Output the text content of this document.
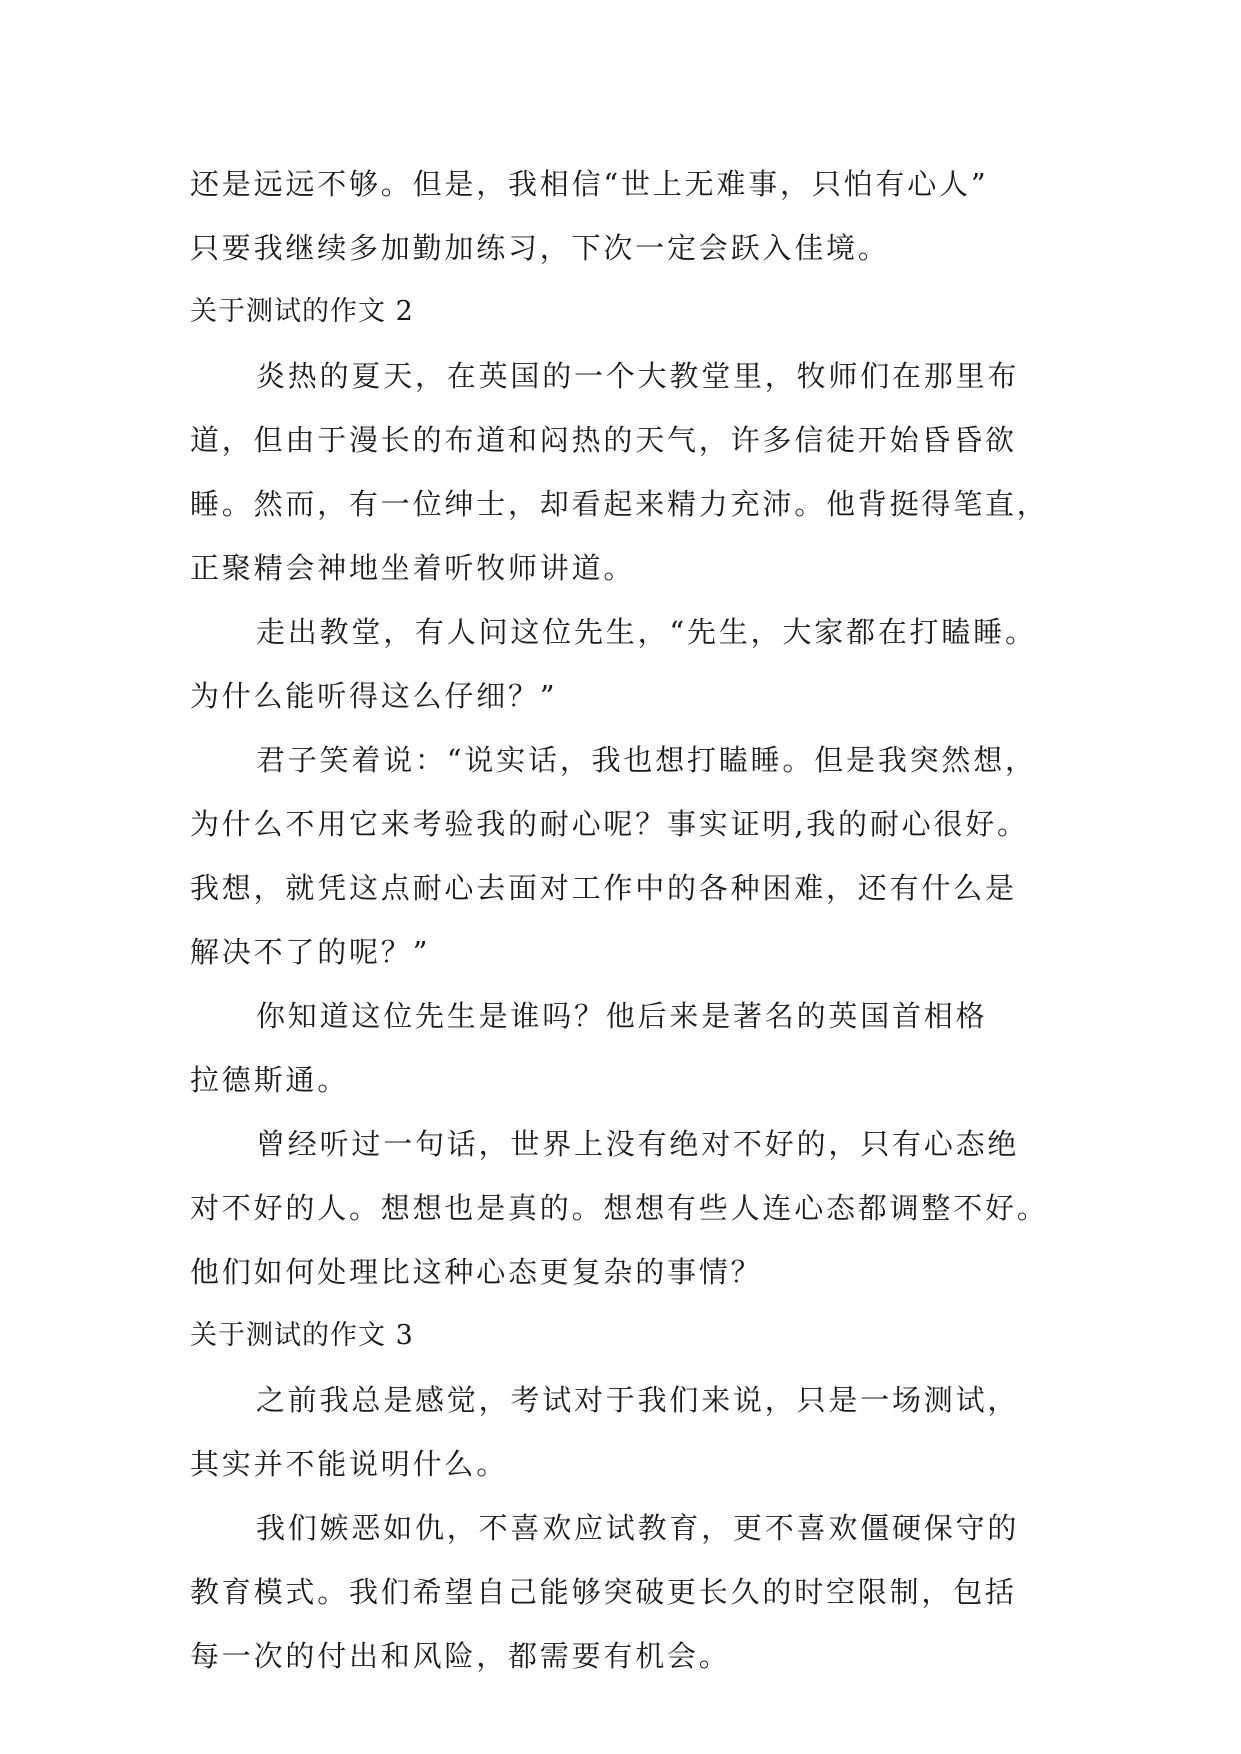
还是远远不够。但是，我相信“世上无难事，只怕有心人”
只要我继续多加勤加练习，下次一定会跃入佳境。
关于测试的作文 2
炎热的夏天，在英国的一个大教堂里，牧师们在那里布
道，但由于漫长的布道和闷热的天气，许多信徒开始昏昏欲
睡。然而，有一位绅士，却看起来精力充沛。他背挺得笔直，
正聚精会神地坐着听牧师讲道。
走出教堂，有人问这位先生，“先生，大家都在打瞌睡。
为什么能听得这么仔细？”
君子笑着说：“说实话，我也想打瞌睡。但是我突然想，
为什么不用它来考验我的耐心呢？事实证明,我的耐心很好。
我想，就凭这点耐心去面对工作中的各种困难，还有什么是
解决不了的呢？”
你知道这位先生是谁吗？他后来是著名的英国首相格
拉德斯通。
曾经听过一句话，世界上没有绝对不好的，只有心态绝
对不好的人。想想也是真的。想想有些人连心态都调整不好。
他们如何处理比这种心态更复杂的事情？
关于测试的作文 3
之前我总是感觉，考试对于我们来说，只是一场测试，
其实并不能说明什么。
我们嫉恶如仇，不喜欢应试教育，更不喜欢僵硬保守的
教育模式。我们希望自己能够突破更长久的时空限制，包括
每一次的付出和风险，都需要有机会。
